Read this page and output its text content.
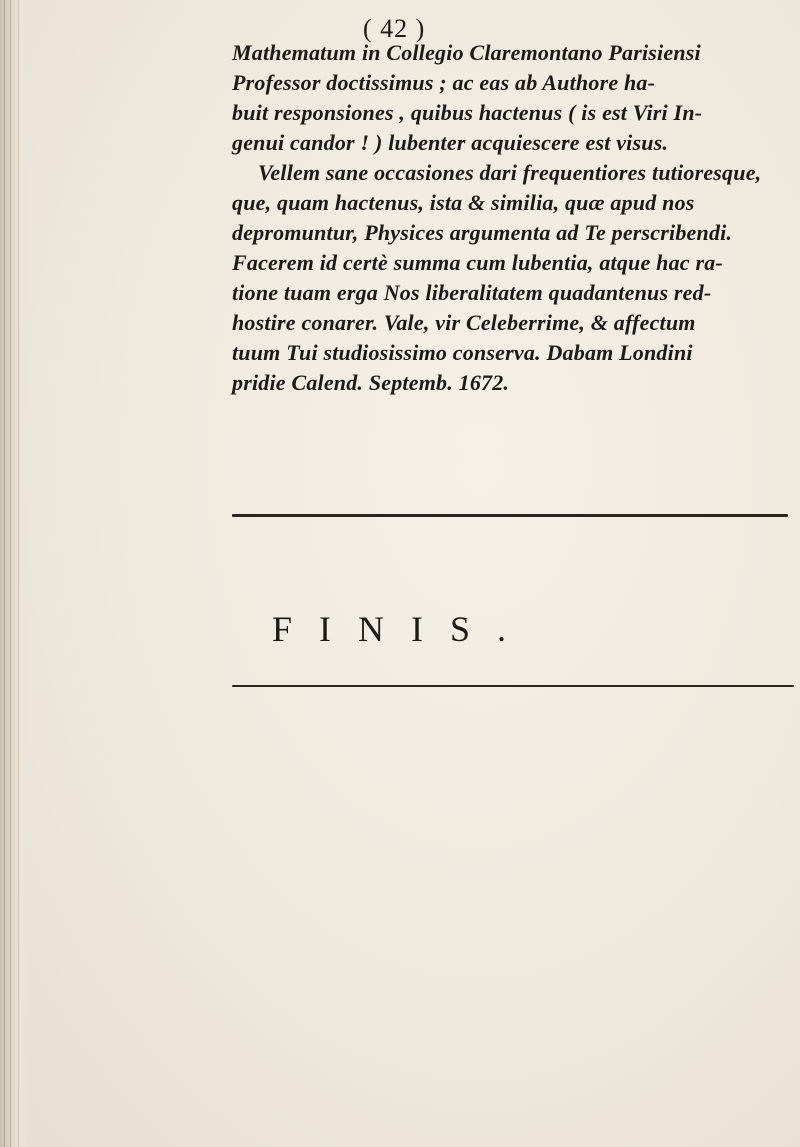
( 42 )
Mathematum in Collegio Claremontano Parisiensi
Professor doctissimus ; ac eas ab Authore ha-
buit responsiones , quibus hactenus ( is est Viri In-
genui candor ! ) lubenter acquiescere est visus.
Vellem sane occasiones dari frequentiores tutioresque,
que, quam hactenus, ista & similia, quæ apud nos
depromuntur, Physices argumenta ad Te perscribendi.
Facerem id certè summa cum lubentia, atque hac ra-
tione tuam erga Nos liberalitatem quadantenus red-
hostire conarer. Vale, vir Celeberrime, & affectum
tuum Tui studiosissimo conserva. Dabam Londini
pridie Calend. Septemb. 1672.
FINIS.
